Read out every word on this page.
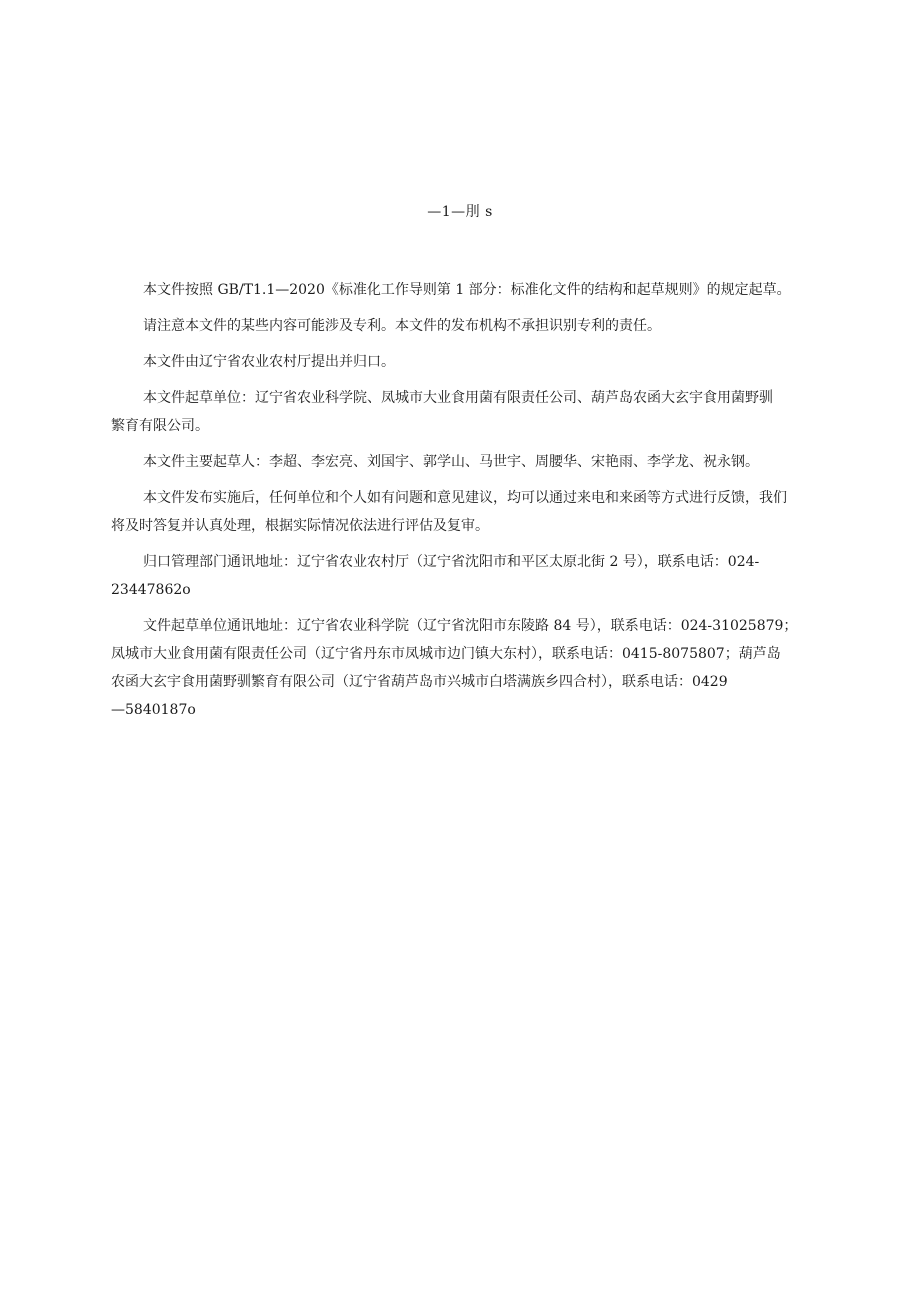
—1—刖 s

本文件按照 GB/T1.1—2020《标准化工作导则第 1 部分：标准化文件的结构和起草规则》的规定起草。

请注意本文件的某些内容可能涉及专利。本文件的发布机构不承担识别专利的责任。

本文件由辽宁省农业农村厅提出并归口。

本文件起草单位：辽宁省农业科学院、凤城市大业食用菌有限责任公司、葫芦岛农函大玄宇食用菌野驯
繁育有限公司。

本文件主要起草人：李超、李宏亮、刘国宇、郭学山、马世宇、周腰华、宋艳雨、李学龙、祝永钢。

本文件发布实施后，任何单位和个人如有问题和意见建议，均可以通过来电和来函等方式进行反馈，我们
将及时答复并认真处理，根据实际情况依法进行评估及复审。
归口管理部门通讯地址：辽宁省农业农村厅（辽宁省沈阳市和平区太原北街 2 号），联系电话：024-
23447862o
文件起草单位通讯地址：辽宁省农业科学院（辽宁省沈阳市东陵路 84 号），联系电话：024-31025879；
凤城市大业食用菌有限责任公司（辽宁省丹东市凤城市边门镇大东村），联系电话：0415-8075807；葫芦岛
农函大玄宇食用菌野驯繁育有限公司（辽宁省葫芦岛市兴城市白塔满族乡四合村），联系电话：0429
—5840187o
